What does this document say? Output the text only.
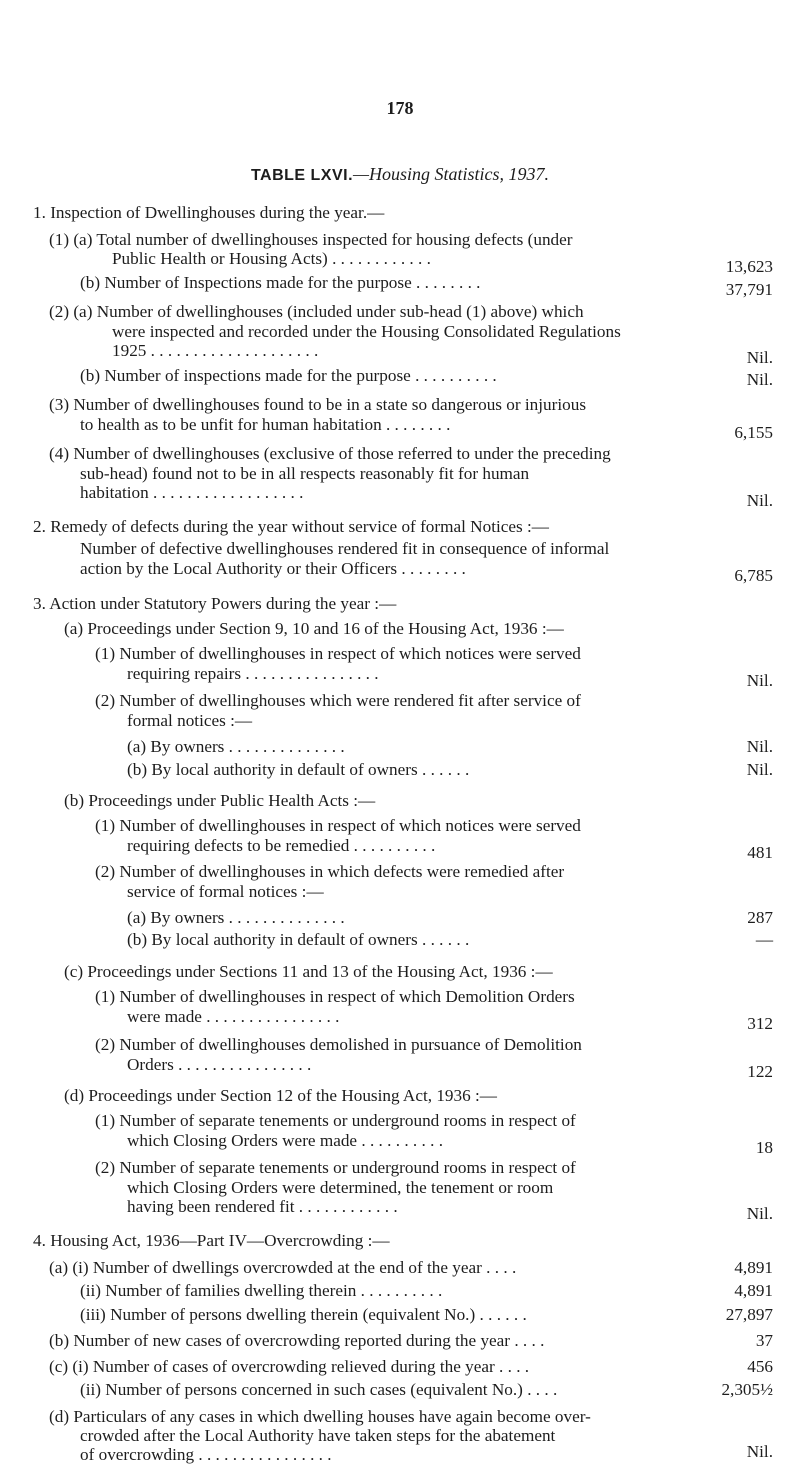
178
TABLE LXVI.—Housing Statistics, 1937.
1. Inspection of Dwellinghouses during the year.—
(1) (a) Total number of dwellinghouses inspected for housing defects (under
Public Health or Housing Acts) . . . . . . . . . . . .
(b) Number of Inspections made for the purpose . . . . . . . .
(2) (a) Number of dwellinghouses (included under sub-head (1) above) which
were inspected and recorded under the Housing Consolidated Regulations
1925 . . . . . . . . . . . . . . . . . . . .
(b) Number of inspections made for the purpose . . . . . . . . . .
(3) Number of dwellinghouses found to be in a state so dangerous or injurious
to health as to be unfit for human habitation . . . . . . . .
(4) Number of dwellinghouses (exclusive of those referred to under the preceding
sub-head) found not to be in all respects reasonably fit for human
habitation . . . . . . . . . . . . . . . . . .
2. Remedy of defects during the year without service of formal Notices :—
Number of defective dwellinghouses rendered fit in consequence of informal
action by the Local Authority or their Officers . . . . . . . .
3. Action under Statutory Powers during the year :—
(a) Proceedings under Section 9, 10 and 16 of the Housing Act, 1936 :—
(1) Number of dwellinghouses in respect of which notices were served
requiring repairs . . . . . . . . . . . . . . . .
(2) Number of dwellinghouses which were rendered fit after service of
formal notices :—
(a) By owners . . . . . . . . . . . . . .
(b) By local authority in default of owners . . . . . .
(b) Proceedings under Public Health Acts :—
(1) Number of dwellinghouses in respect of which notices were served
requiring defects to be remedied . . . . . . . . . .
(2) Number of dwellinghouses in which defects were remedied after
service of formal notices :—
(a) By owners . . . . . . . . . . . . . .
(b) By local authority in default of owners . . . . . .
(c) Proceedings under Sections 11 and 13 of the Housing Act, 1936 :—
(1) Number of dwellinghouses in respect of which Demolition Orders
were made . . . . . . . . . . . . . . . .
(2) Number of dwellinghouses demolished in pursuance of Demolition
Orders . . . . . . . . . . . . . . . .
(d) Proceedings under Section 12 of the Housing Act, 1936 :—
(1) Number of separate tenements or underground rooms in respect of
which Closing Orders were made . . . . . . . . . .
(2) Number of separate tenements or underground rooms in respect of
which Closing Orders were determined, the tenement or room
having been rendered fit . . . . . . . . . . . .
4. Housing Act, 1936—Part IV—Overcrowding :—
(a) (i) Number of dwellings overcrowded at the end of the year . . . .
(ii) Number of families dwelling therein . . . . . . . . . .
(iii) Number of persons dwelling therein (equivalent No.) . . . . . .
(b) Number of new cases of overcrowding reported during the year . . . .
(c) (i) Number of cases of overcrowding relieved during the year . . . .
(ii) Number of persons concerned in such cases (equivalent No.) . . . .
(d) Particulars of any cases in which dwelling houses have again become over-
crowded after the Local Authority have taken steps for the abatement
of overcrowding . . . . . . . . . . . . . . . .
13,623
37,791
Nil.
Nil.
6,155
Nil.
6,785
Nil.
Nil.
Nil.
481
287
—
312
122
18
Nil.
4,891
4,891
27,897
37
456
2,305½
Nil.
